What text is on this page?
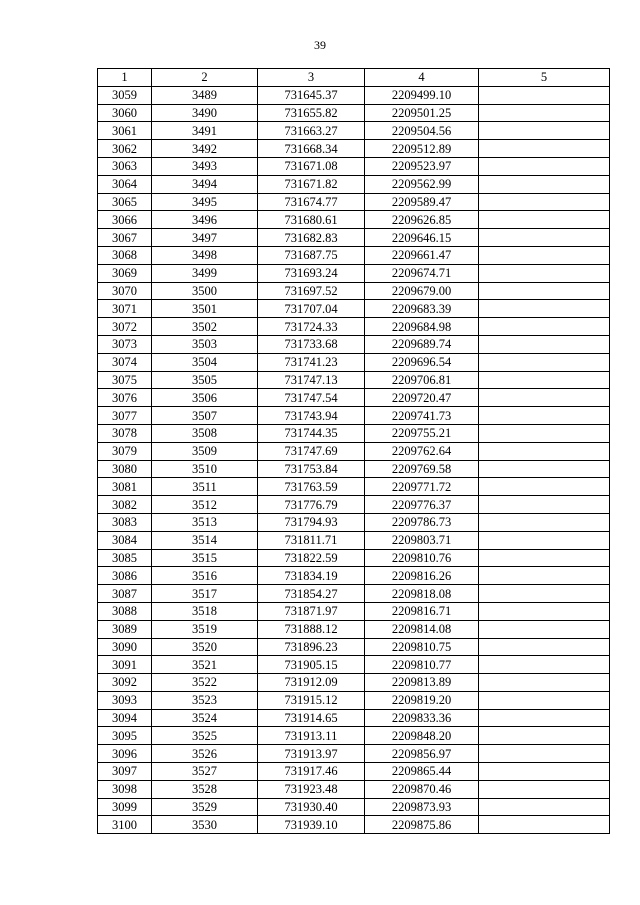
39
1	2	3	4	5
3059	3489	731645.37	2209499.10	
3060	3490	731655.82	2209501.25	
3061	3491	731663.27	2209504.56	
3062	3492	731668.34	2209512.89	
3063	3493	731671.08	2209523.97	
3064	3494	731671.82	2209562.99	
3065	3495	731674.77	2209589.47	
3066	3496	731680.61	2209626.85	
3067	3497	731682.83	2209646.15	
3068	3498	731687.75	2209661.47	
3069	3499	731693.24	2209674.71	
3070	3500	731697.52	2209679.00	
3071	3501	731707.04	2209683.39	
3072	3502	731724.33	2209684.98	
3073	3503	731733.68	2209689.74	
3074	3504	731741.23	2209696.54	
3075	3505	731747.13	2209706.81	
3076	3506	731747.54	2209720.47	
3077	3507	731743.94	2209741.73	
3078	3508	731744.35	2209755.21	
3079	3509	731747.69	2209762.64	
3080	3510	731753.84	2209769.58	
3081	3511	731763.59	2209771.72	
3082	3512	731776.79	2209776.37	
3083	3513	731794.93	2209786.73	
3084	3514	731811.71	2209803.71	
3085	3515	731822.59	2209810.76	
3086	3516	731834.19	2209816.26	
3087	3517	731854.27	2209818.08	
3088	3518	731871.97	2209816.71	
3089	3519	731888.12	2209814.08	
3090	3520	731896.23	2209810.75	
3091	3521	731905.15	2209810.77	
3092	3522	731912.09	2209813.89	
3093	3523	731915.12	2209819.20	
3094	3524	731914.65	2209833.36	
3095	3525	731913.11	2209848.20	
3096	3526	731913.97	2209856.97	
3097	3527	731917.46	2209865.44	
3098	3528	731923.48	2209870.46	
3099	3529	731930.40	2209873.93	
3100	3530	731939.10	2209875.86	
